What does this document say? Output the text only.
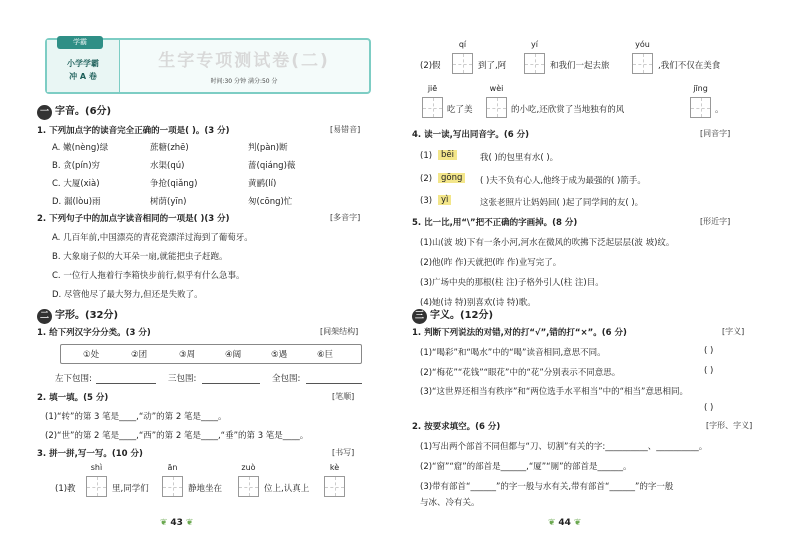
学霸
小学学霸
冲 A 卷
生字专项测试卷(二)
时间:30 分钟 满分:50 分
一 字音。(6分)
1. 下列加点字的读音完全正确的一项是( )。(3 分)	[易错音]
A. 嫩(nèng)绿	蔗糖(zhē)	判(pàn)断
B. 贪(pín)穷	水渠(qú)	蔷(qiáng)薇
C. 大厦(xià)	争抢(qiǎng)	黄鹂(lí)
D. 漏(lòu)雨	树荫(yīn)	匆(cōng)忙
2. 下列句子中的加点字读音相同的一项是( )(3 分)	[多音字]
A. 几百年前,中国漂亮的青花瓷漂洋过海到了葡萄牙。
B. 大象扇子似的大耳朵一扇,就能把虫子赶跑。
C. 一位行人拖着行李箱快步前行,似乎有什么急事。
D. 尽管他尽了最大努力,但还是失败了。
二 字形。(32分)
1. 给下列汉字分分类。(3 分)	[间架结构]
①处	②团	③周	④阔	⑤遇	⑥巨
左下包围:	三包围:	全包围:
2. 填一填。(5 分)	[笔顺]
(1)“转”的第 3 笔是____,“动”的第 2 笔是____。
(2)“世”的第 2 笔是____,“西”的第 2 笔是____,“垂”的第 3 笔是____。
3. 拼一拼,写一写。(10 分)	[书写]
shì	ān	zuò	kè
(1)教	里,同学们	静地坐在	位上,认真上
❦ 43 ❦
qí	yí	yóu
(2)假	到了,阿	和我们一起去旅	,我们不仅在美食
jiē	wèi	jīng
吃了美	的小吃,还欣赏了当地独有的风	。
4. 读一读,写出同音字。(6 分)	[同音字]
(1)	bēi	我( )的包里有水( )。
(2)	gōng	( )夫不负有心人,他终于成为最强的( )箭手。
(3)	yì	这张老照片让妈妈回( )起了同学间的友( )。
5. 比一比,用“\”把不正确的字画掉。(8 分)	[形近字]
(1)山(波 坡)下有一条小河,河水在微风的吹拂下泛起层层(波 坡)纹。
(2)他(昨 作)天就把(昨 作)业写完了。
(3)广场中央的那根(柱 注)子格外引人(柱 注)目。
(4)她(诗 特)别喜欢(诗 特)歌。
三 字义。(12分)
1. 判断下列说法的对错,对的打“√”,错的打“×”。(6 分)	[字义]
(1)“喝彩”和“喝水”中的“喝”读音相同,意思不同。	( )
(2)“梅花”“花钱”“眼花”中的“花”分别表示不同意思。	( )
(3)“这世界还相当有秩序”和“两位选手水平相当”中的“相当”意思相同。
( )
2. 按要求填空。(6 分)	[字形、字义]
(1)写出两个部首不同但都与“刀、切割”有关的字:__________、__________。
(2)“窗”“窟”的部首是______,“厦”“厕”的部首是______。
(3)带有部首“______”的字一般与水有关,带有部首“______”的字一般
与冰、冷有关。
❦ 44 ❦
